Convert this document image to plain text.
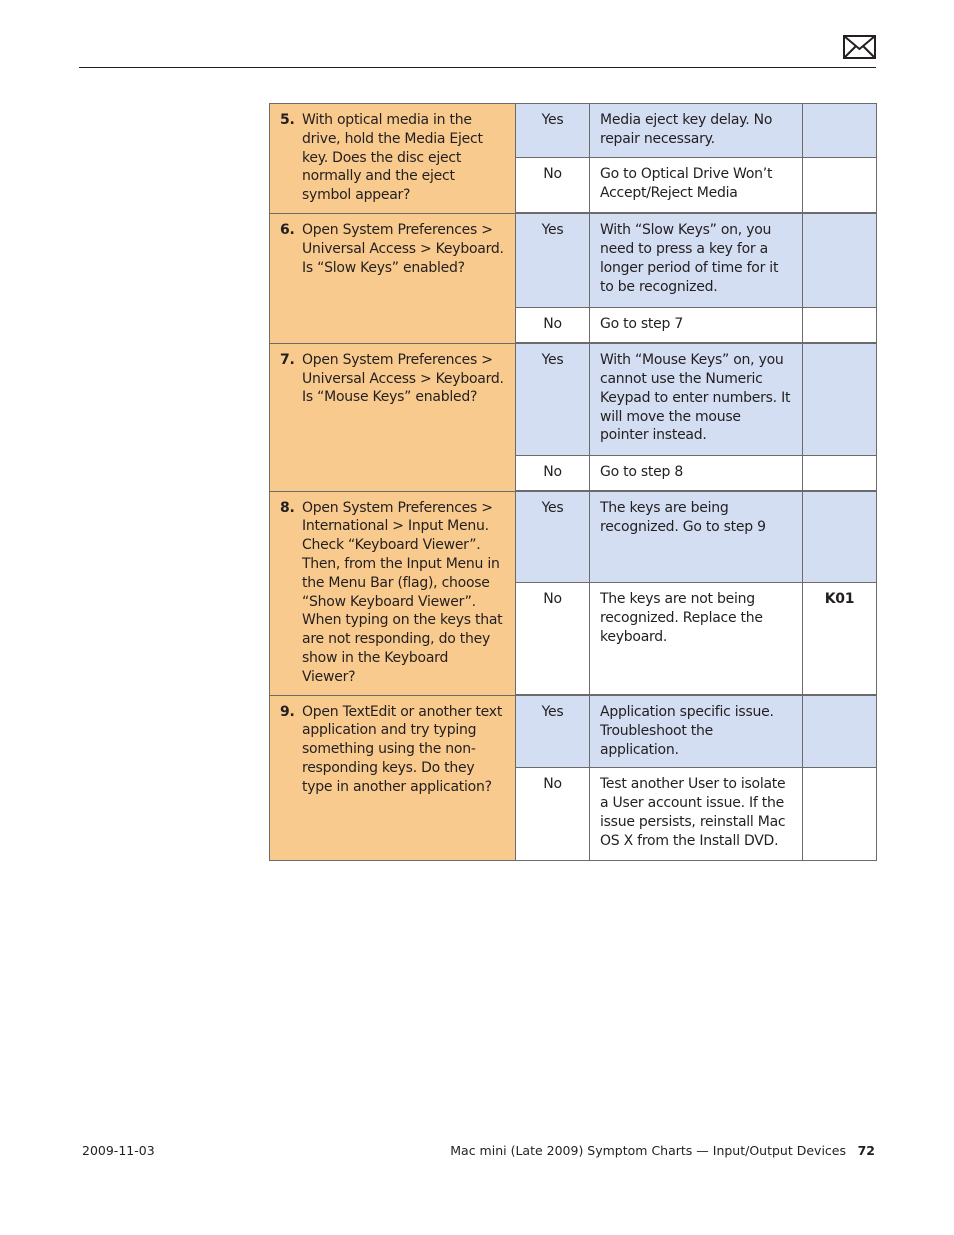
5. With optical media in the drive, hold the Media Eject key. Does the disc eject normally and the eject symbol appear?	Yes	Media eject key delay. No repair necessary.	
	No	Go to Optical Drive Won’t Accept/Reject Media	

6. Open System Preferences > Universal Access > Keyboard. Is “Slow Keys” enabled?	Yes	With “Slow Keys” on, you need to press a key for a longer period of time for it to be recognized.	
	No	Go to step 7	

7. Open System Preferences > Universal Access > Keyboard. Is “Mouse Keys” enabled?	Yes	With “Mouse Keys” on, you cannot use the Numeric Keypad to enter numbers. It will move the mouse pointer instead.	
	No	Go to step 8	

8. Open System Preferences > International > Input Menu. Check “Keyboard Viewer”. Then, from the Input Menu in the Menu Bar (flag), choose “Show Keyboard Viewer”. When typing on the keys that are not responding, do they show in the Keyboard Viewer?	Yes	The keys are being recognized. Go to step 9	
	No	The keys are not being recognized. Replace the keyboard.	K01

9. Open TextEdit or another text application and try typing something using the non-responding keys. Do they type in another application?	Yes	Application specific issue. Troubleshoot the application.	
	No	Test another User to isolate a User account issue. If the issue persists, reinstall Mac OS X from the Install DVD.	
2009-11-03	Mac mini (Late 2009) Symptom Charts — Input/Output Devices 72
